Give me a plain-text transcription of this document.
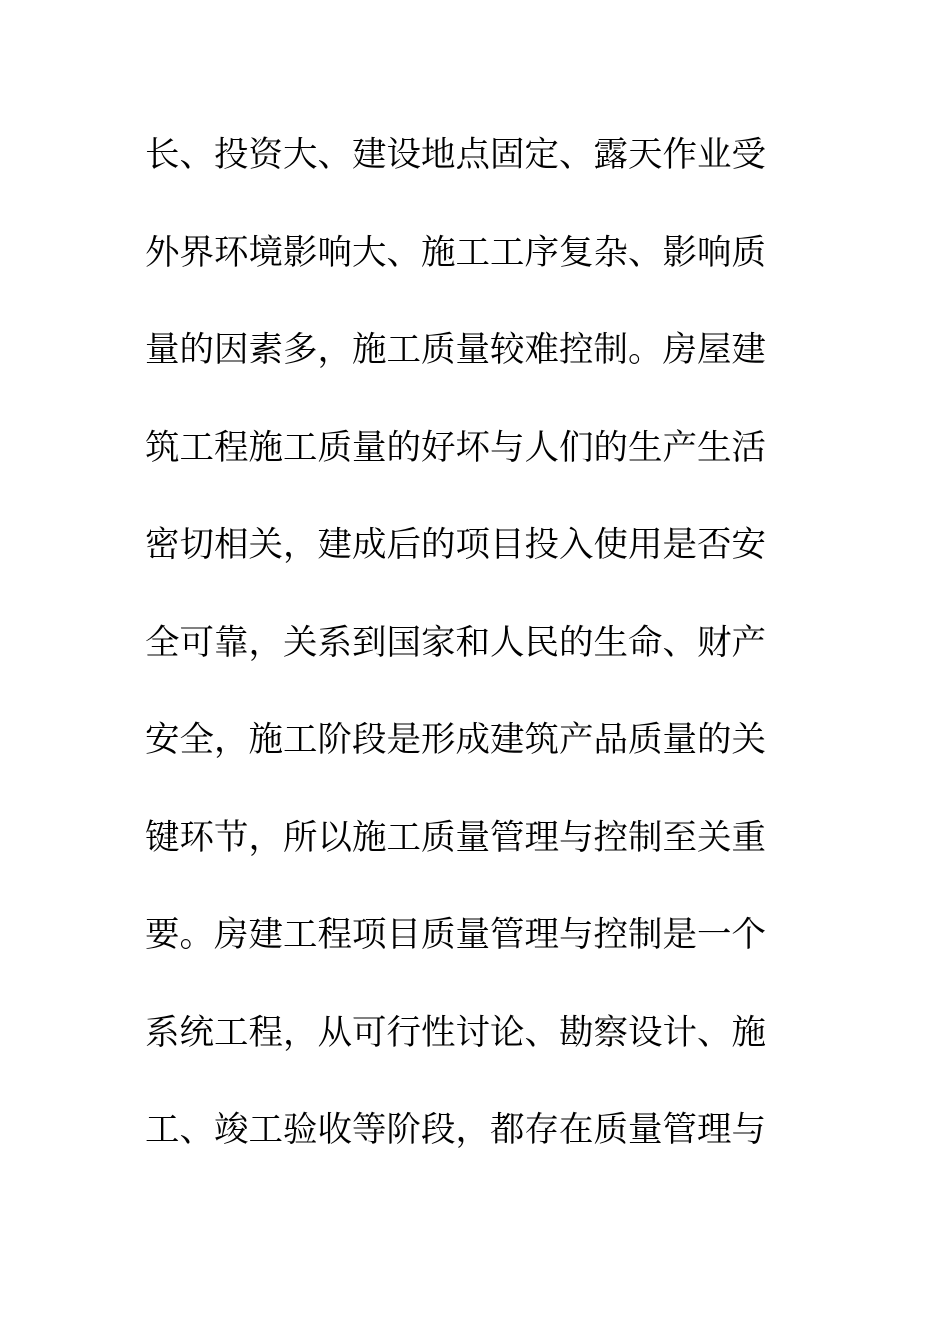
长、投资大、建设地点固定、露天作业受
外界环境影响大、施工工序复杂、影响质
量的因素多，施工质量较难控制。房屋建
筑工程施工质量的好坏与人们的生产生活
密切相关，建成后的项目投入使用是否安
全可靠，关系到国家和人民的生命、财产
安全，施工阶段是形成建筑产品质量的关
键环节，所以施工质量管理与控制至关重
要。房建工程项目质量管理与控制是一个
系统工程，从可行性讨论、勘察设计、施
工、竣工验收等阶段，都存在质量管理与
